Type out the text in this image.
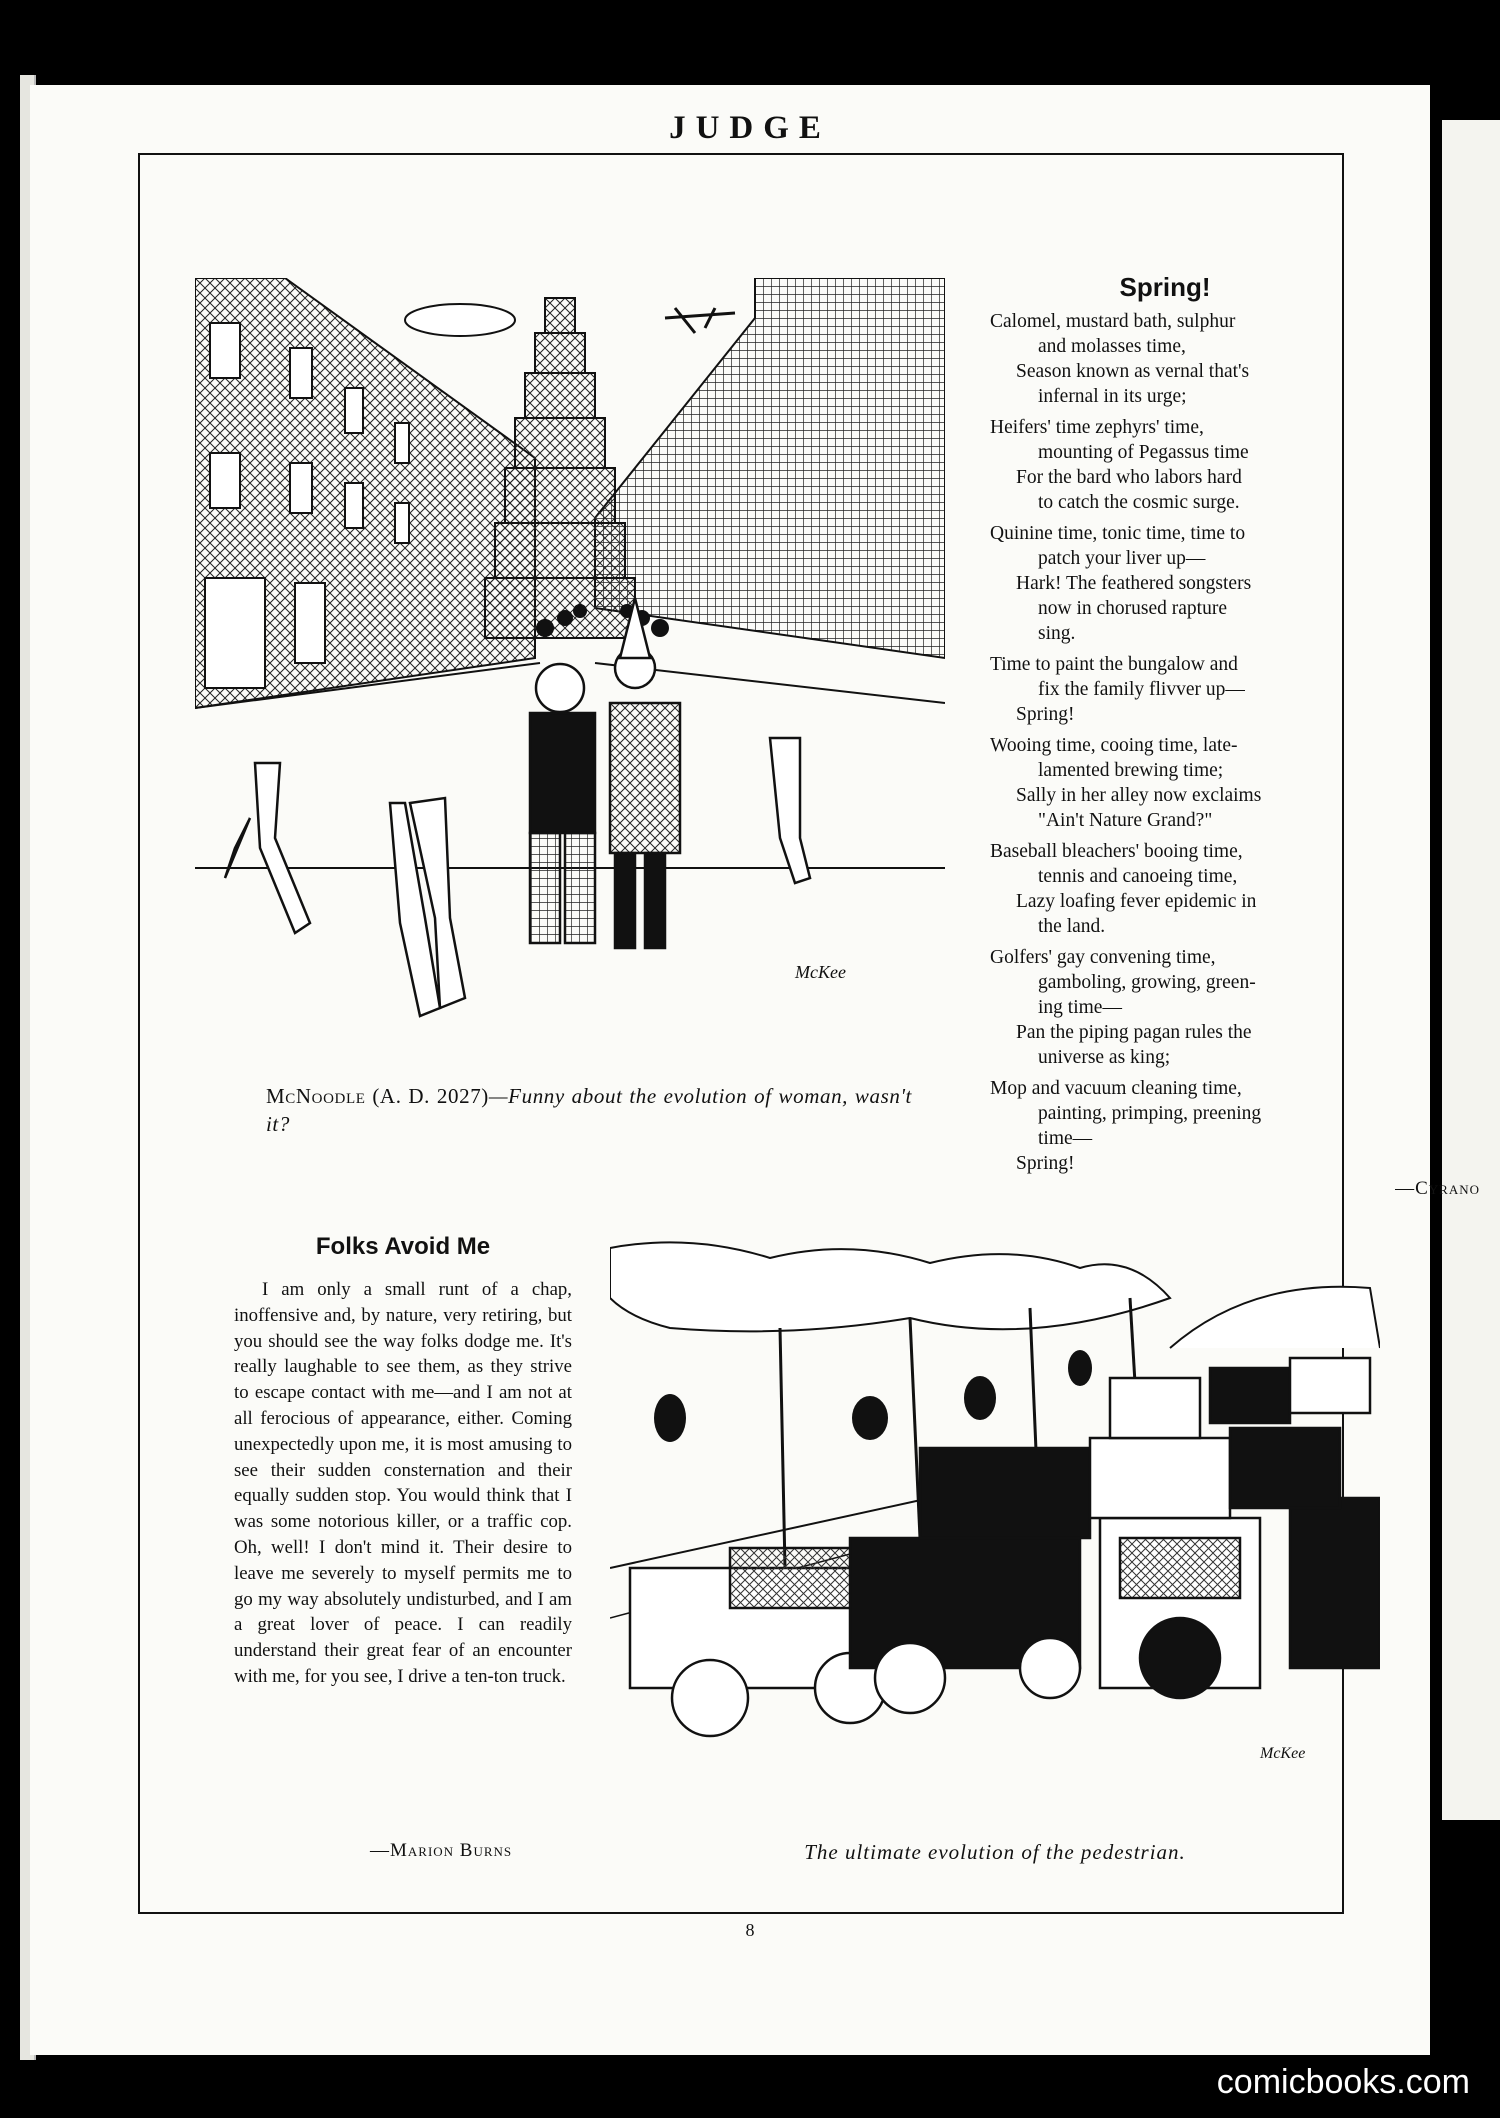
JUDGE
McKee
McNoodle (A. D. 2027)—Funny about the evolution of woman, wasn't it?
Spring!
Calomel, mustard bath, sulphur
and molasses time,
Season known as vernal that's
infernal in its urge;
Heifers' time zephyrs' time,
mounting of Pegassus time
For the bard who labors hard
to catch the cosmic surge.
Quinine time, tonic time, time to
patch your liver up—
Hark! The feathered songsters
now in chorused rapture
sing.
Time to paint the bungalow and
fix the family flivver up—
Spring!
Wooing time, cooing time, late-
lamented brewing time;
Sally in her alley now exclaims
"Ain't Nature Grand?"
Baseball bleachers' booing time,
tennis and canoeing time,
Lazy loafing fever epidemic in
the land.
Golfers' gay convening time,
gamboling, growing, green-
ing time—
Pan the piping pagan rules the
universe as king;
Mop and vacuum cleaning time,
painting, primping, preening
time—
Spring!
—Cyrano
Folks Avoid Me

I am only a small runt of a chap, inoffensive and, by nature, very retiring, but you should see the way folks dodge me. It's really laughable to see them, as they strive to escape contact with me—and I am not at all ferocious of appearance, either. Coming unexpectedly upon me, it is most amusing to see their sudden consternation and their equally sudden stop. You would think that I was some notorious killer, or a traffic cop. Oh, well! I don't mind it. Their desire to leave me severely to myself permits me to go my way absolutely undisturbed, and I am a great lover of peace. I can readily understand their great fear of an encounter with me, for you see, I drive a ten-ton truck.

—Marion Burns
McKee
The ultimate evolution of the pedestrian.
8
comicbooks.com
